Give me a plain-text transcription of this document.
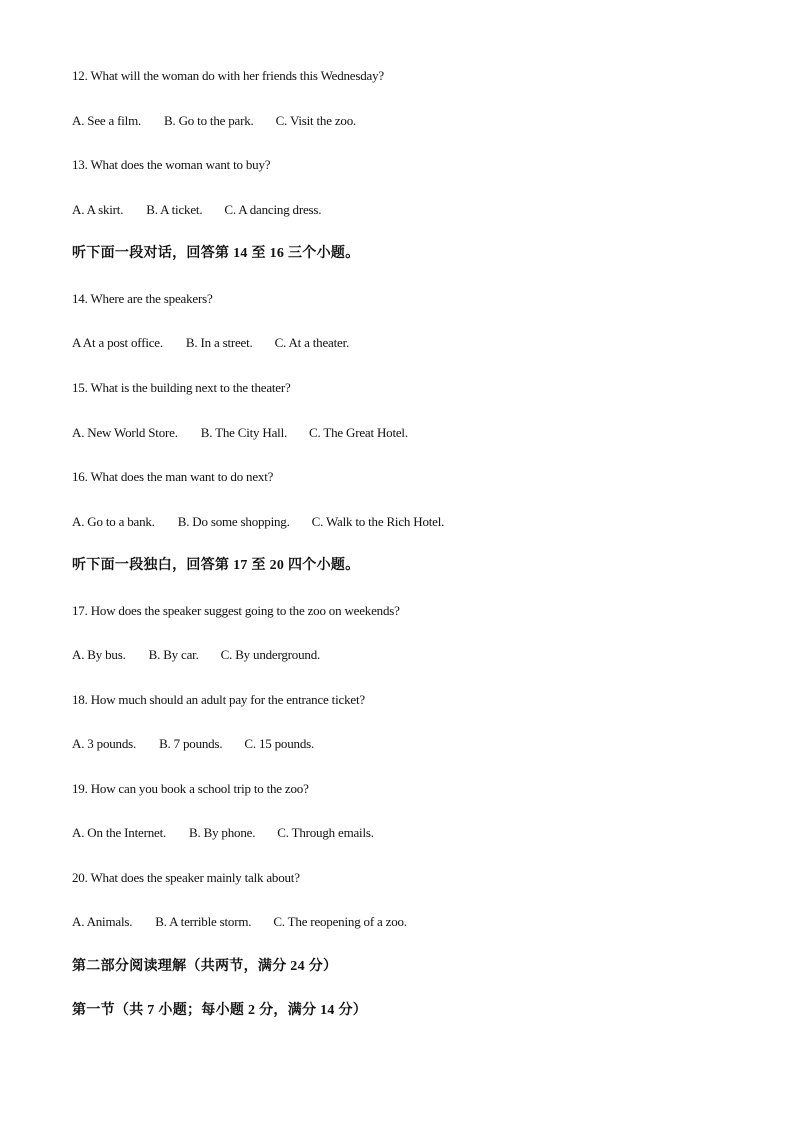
12. What will the woman do with her friends this Wednesday?
A. See a film. B. Go to the park. C. Visit the zoo.
13. What does the woman want to buy?
A. A skirt. B. A ticket. C. A dancing dress.
听下面一段对话，回答第 14 至 16 三个小题。
14. Where are the speakers?
A At a post office. B. In a street. C. At a theater.
15. What is the building next to the theater?
A. New World Store. B. The City Hall. C. The Great Hotel.
16. What does the man want to do next?
A. Go to a bank. B. Do some shopping. C. Walk to the Rich Hotel.
听下面一段独白，回答第 17 至 20 四个小题。
17. How does the speaker suggest going to the zoo on weekends?
A. By bus. B. By car. C. By underground.
18. How much should an adult pay for the entrance ticket?
A. 3 pounds. B. 7 pounds. C. 15 pounds.
19. How can you book a school trip to the zoo?
A. On the Internet. B. By phone. C. Through emails.
20. What does the speaker mainly talk about?
A. Animals. B. A terrible storm. C. The reopening of a zoo.
第二部分阅读理解（共两节，满分 24 分）
第一节（共 7 小题；每小题 2 分，满分 14 分）
